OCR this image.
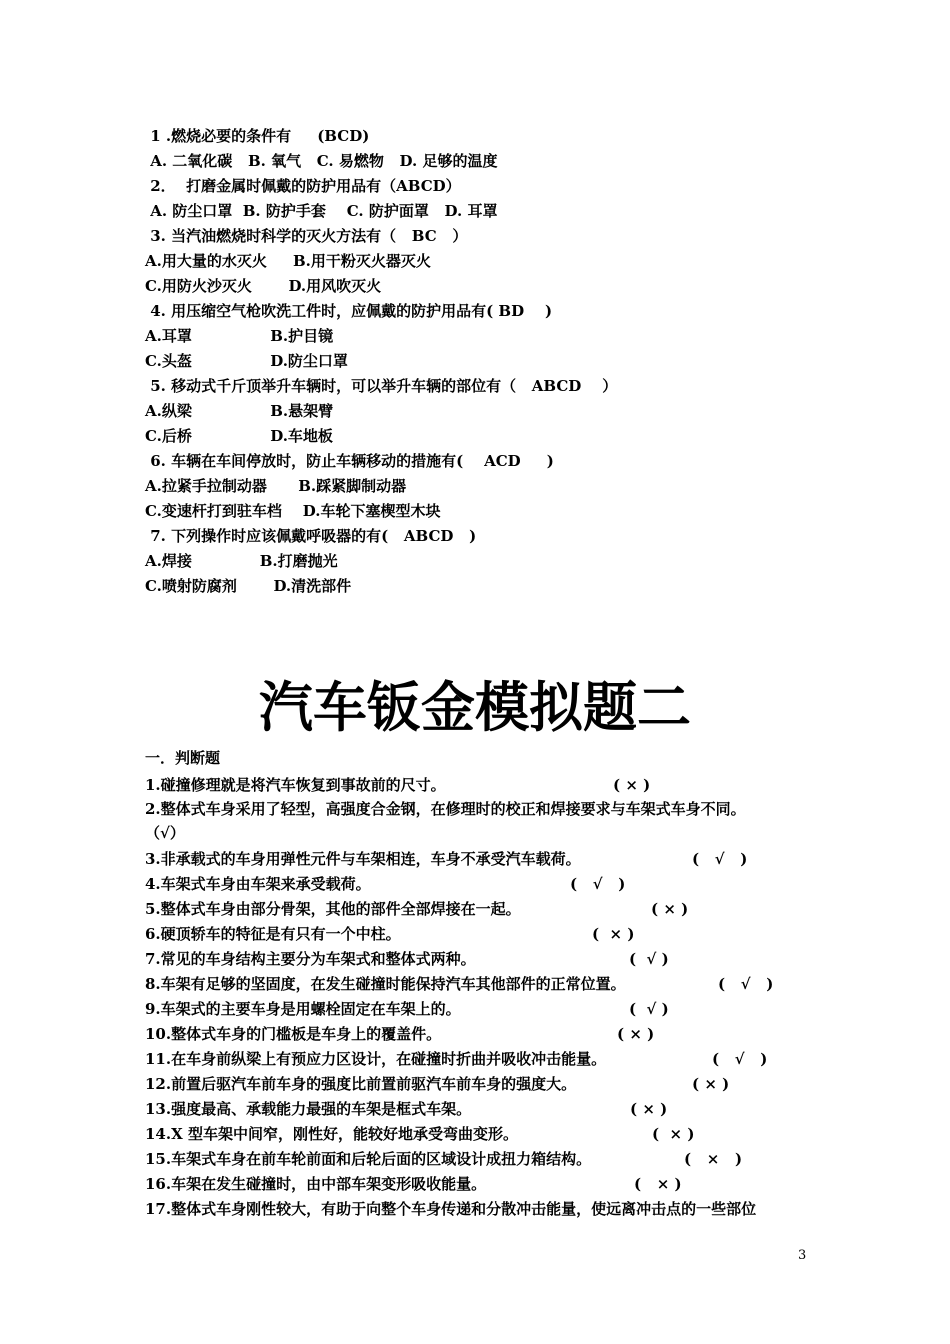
1 .燃烧必要的条件有     (BCD)
A. 二氧化碳   B. 氧气   C. 易燃物   D. 足够的温度
2．  打磨金属时佩戴的防护用品有（ABCD）
A. 防尘口罩  B. 防护手套    C. 防护面罩   D. 耳罩
3. 当汽油燃烧时科学的灭火方法有（   BC   ）
A.用大量的水灭火     B.用干粉灭火器灭火
C.用防火沙灭火       D.用风吹灭火
4. 用压缩空气枪吹洗工件时，应佩戴的防护用品有( BD    )
A.耳罩               B.护目镜
C.头盔               D.防尘口罩
5. 移动式千斤顶举升车辆时，可以举升车辆的部位有（   ABCD    ）
A.纵梁               B.悬架臂
C.后桥               D.车地板
6. 车辆在车间停放时，防止车辆移动的措施有(    ACD     )
A.拉紧手拉制动器      B.踩紧脚制动器
C.变速杆打到驻车档    D.车轮下塞楔型木块
7. 下列操作时应该佩戴呼吸器的有(   ABCD   )
A.焊接             B.打磨抛光
C.喷射防腐剂       D.清洗部件
汽车钣金模拟题二
一．判断题
1.碰撞修理就是将汽车恢复到事故前的尺寸。
2.整体式车身采用了轻型，高强度合金钢，在修理时的校正和焊接要求与车架式车身不同。
（√）
3.非承载式的车身用弹性元件与车架相连，车身不承受汽车载荷。
4.车架式车身由车架来承受载荷。
5.整体式车身由部分骨架，其他的部件全部焊接在一起。
6.硬顶轿车的特征是有只有一个中柱。
7.常见的车身结构主要分为车架式和整体式两种。
8.车架有足够的坚固度，在发生碰撞时能保持汽车其他部件的正常位置。
9.车架式的主要车身是用螺栓固定在车架上的。
10.整体式车身的门槛板是车身上的覆盖件。
11.在车身前纵梁上有预应力区设计，在碰撞时折曲并吸收冲击能量。
12.前置后驱汽车前车身的强度比前置前驱汽车前车身的强度大。
13.强度最高、承载能力最强的车架是框式车架。
14.X 型车架中间窄，刚性好，能较好地承受弯曲变形。
15.车架式车身在前车轮前面和后轮后面的区域设计成扭力箱结构。
16.车架在发生碰撞时，由中部车架变形吸收能量。
17.整体式车身刚性较大，有助于向整个车身传递和分散冲击能量，使远离冲击点的一些部位
( × )
(   √   )
(   √   )
( × )
(  × )
(  √ )
(   √   )
(  √ )
( × )
(   √   )
( × )
( × )
(  × )
(   ×   )
(   × )
3
